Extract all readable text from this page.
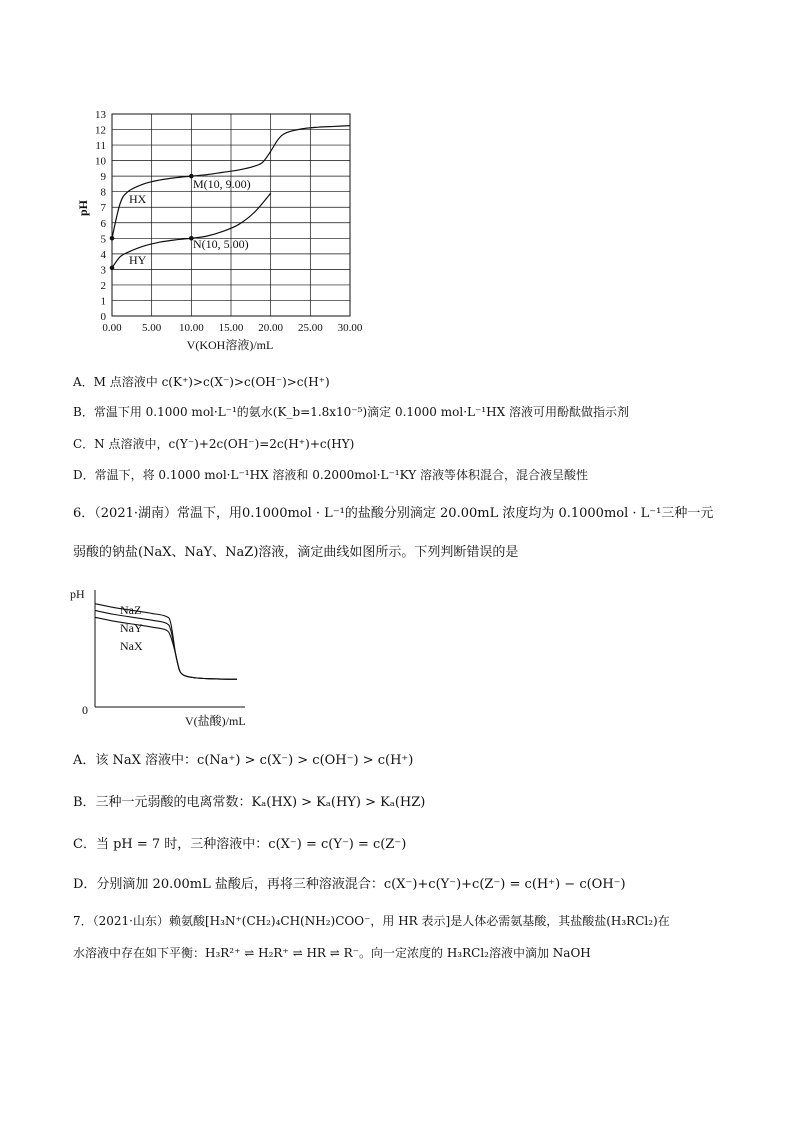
13
12
11
10
9
8
7
6
5
4
3
2
1
0
0.00 5.00 10.00 15.00 20.00 25.00 30.00
pH
V(KOH溶液)/mL
HX
HY
M(10, 9.00)
N(10, 5.00)
A．M 点溶液中 c(K⁺)>c(X⁻)>c(OH⁻)>c(H⁺)
B．常温下用 0.1000 mol·L⁻¹的氨水(K_b=1.8x10⁻⁵)滴定 0.1000 mol·L⁻¹HX 溶液可用酚酞做指示剂
C．N 点溶液中，c(Y⁻)+2c(OH⁻)=2c(H⁺)+c(HY)
D．常温下，将 0.1000 mol·L⁻¹HX 溶液和 0.2000mol·L⁻¹KY 溶液等体积混合，混合液呈酸性
6．（2021·湖南）常温下，用0.1000mol · L⁻¹的盐酸分别滴定 20.00mL 浓度均为 0.1000mol · L⁻¹三种一元
弱酸的钠盐(NaX、NaY、NaZ)溶液，滴定曲线如图所示。下列判断错误的是
pH
0
V(盐酸)/mL
NaZ
NaY
NaX
A．该 NaX 溶液中：c(Na⁺) > c(X⁻) > c(OH⁻) > c(H⁺)
B．三种一元弱酸的电离常数：Kₐ(HX) > Kₐ(HY) > Kₐ(HZ)
C．当 pH = 7 时，三种溶液中：c(X⁻) = c(Y⁻) = c(Z⁻)
D．分别滴加 20.00mL 盐酸后，再将三种溶液混合：c(X⁻)+c(Y⁻)+c(Z⁻) = c(H⁺) − c(OH⁻)
7．（2021·山东）赖氨酸[H₃N⁺(CH₂)₄CH(NH₂)COO⁻，用 HR 表示]是人体必需氨基酸，其盐酸盐(H₃RCl₂)在
水溶液中存在如下平衡：H₃R²⁺ ⇌ H₂R⁺ ⇌ HR ⇌ R⁻。向一定浓度的 H₃RCl₂溶液中滴加 NaOH
